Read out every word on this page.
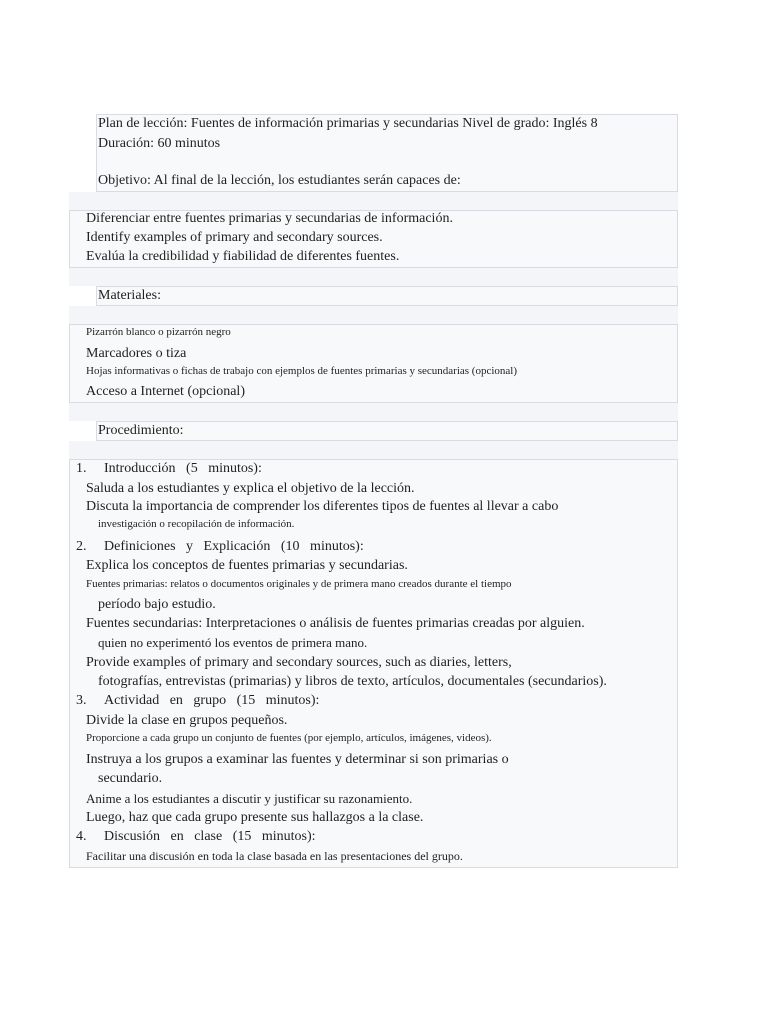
Plan de lección: Fuentes de información primarias y secundarias Nivel de grado: Inglés 8
Duración: 60 minutos
Objetivo: Al final de la lección, los estudiantes serán capaces de:
Diferenciar entre fuentes primarias y secundarias de información.
Identify examples of primary and secondary sources.
Evalúa la credibilidad y fiabilidad de diferentes fuentes.
Materiales:
Pizarrón blanco o pizarrón negro
Marcadores o tiza
Hojas informativas o fichas de trabajo con ejemplos de fuentes primarias y secundarias (opcional)
Acceso a Internet (opcional)
Procedimiento:
1. Introducción   (5   minutos):
Saluda a los estudiantes y explica el objetivo de la lección.
Discuta la importancia de comprender los diferentes tipos de fuentes al llevar a cabo
investigación o recopilación de información.
2. Definiciones   y   Explicación   (10   minutos):
Explica los conceptos de fuentes primarias y secundarias.
Fuentes primarias: relatos o documentos originales y de primera mano creados durante el tiempo
período bajo estudio.
Fuentes secundarias: Interpretaciones o análisis de fuentes primarias creadas por alguien.
quien no experimentó los eventos de primera mano.
Provide examples of primary and secondary sources, such as diaries, letters,
fotografías, entrevistas (primarias) y libros de texto, artículos, documentales (secundarios).
3. Actividad   en   grupo   (15   minutos):
Divide la clase en grupos pequeños.
Proporcione a cada grupo un conjunto de fuentes (por ejemplo, artículos, imágenes, videos).
Instruya a los grupos a examinar las fuentes y determinar si son primarias o
secundario.
Anime a los estudiantes a discutir y justificar su razonamiento.
Luego, haz que cada grupo presente sus hallazgos a la clase.
4. Discusión   en   clase   (15   minutos):
Facilitar una discusión en toda la clase basada en las presentaciones del grupo.
